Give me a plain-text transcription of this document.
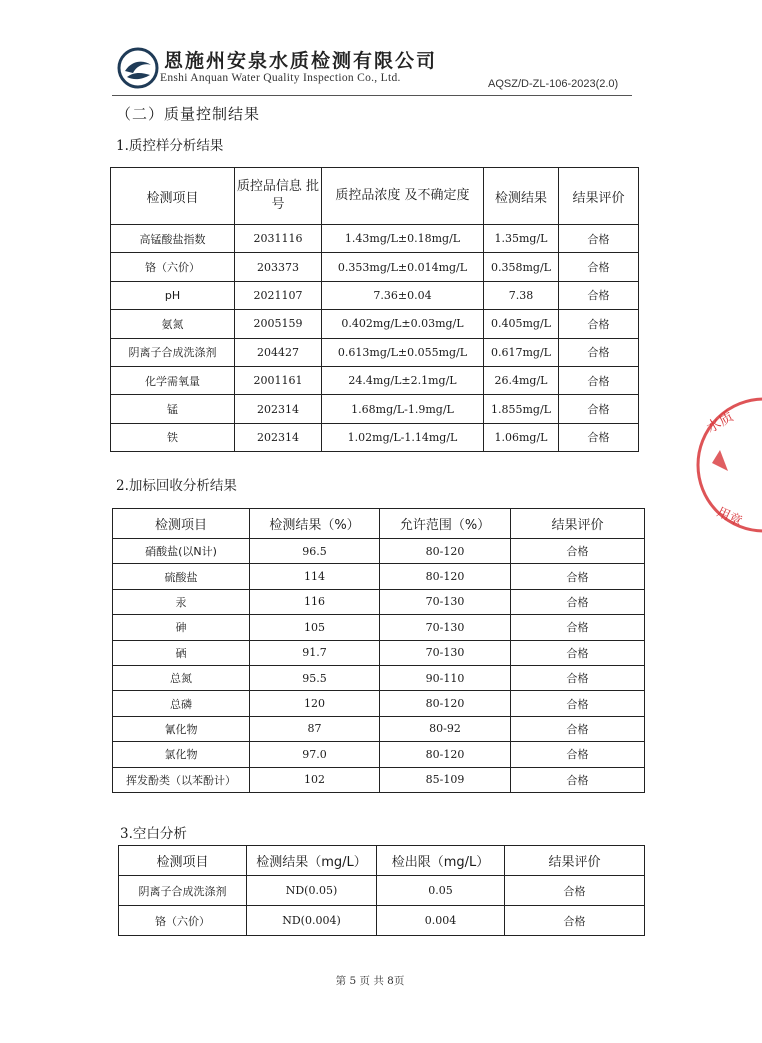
恩施州安泉水质检测有限公司
Enshi Anquan Water Quality Inspection Co., Ltd.	AQSZ/D-ZL-106-2023(2.0)
（二）质量控制结果
1.质控样分析结果
检测项目	质控品信息 批号	质控品浓度 及不确定度	检测结果	结果评价
高锰酸盐指数	2031116	1.43mg/L±0.18mg/L	1.35mg/L	合格
铬（六价）	203373	0.353mg/L±0.014mg/L	0.358mg/L	合格
pH	2021107	7.36±0.04	7.38	合格
氨氮	2005159	0.402mg/L±0.03mg/L	0.405mg/L	合格
阴离子合成洗涤剂	204427	0.613mg/L±0.055mg/L	0.617mg/L	合格
化学需氧量	2001161	24.4mg/L±2.1mg/L	26.4mg/L	合格
锰	202314	1.68mg/L-1.9mg/L	1.855mg/L	合格
铁	202314	1.02mg/L-1.14mg/L	1.06mg/L	合格
2.加标回收分析结果
检测项目	检测结果（%）	允许范围（%）	结果评价
硝酸盐(以N计)	96.5	80-120	合格
硫酸盐	114	80-120	合格
汞	116	70-130	合格
砷	105	70-130	合格
硒	91.7	70-130	合格
总氮	95.5	90-110	合格
总磷	120	80-120	合格
氰化物	87	80-92	合格
氯化物	97.0	80-120	合格
挥发酚类（以苯酚计）	102	85-109	合格
3.空白分析
检测项目	检测结果（mg/L）	检出限（mg/L）	结果评价
阴离子合成洗涤剂	ND(0.05)	0.05	合格
铬（六价）	ND(0.004)	0.004	合格
第 5 页 共 8页
水质
用章
